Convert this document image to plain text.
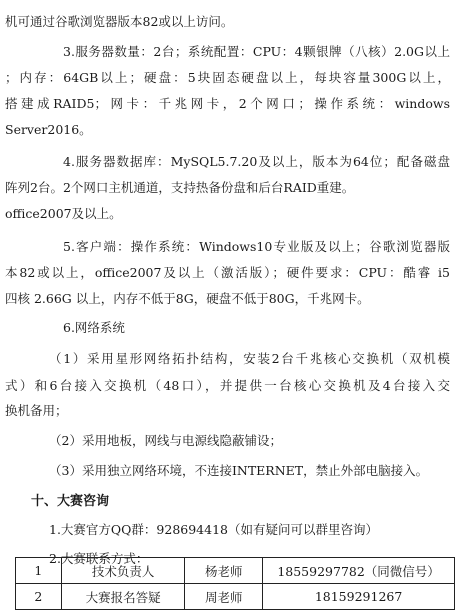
机可通过谷歌浏览器版本82或以上访问。
3.服务器数量：2台；系统配置：CPU：4颗银牌（八核）2.0G以上
；内存：64GB以上；硬盘：5块固态硬盘以上，每块容量300G以上，
搭建成RAID5；网卡：千兆网卡，2个网口；操作系统：windows
Server2016。
4.服务器数据库：MySQL5.7.20及以上，版本为64位；配备磁盘
阵列2台。2个网口主机通道，支持热备份盘和后台RAID重建。
office2007及以上。
5.客户端：操作系统：Windows10专业版及以上；谷歌浏览器版
本82或以上，office2007及以上（激活版）；硬件要求：CPU：酷睿 i5
四核 2.66G 以上，内存不低于8G，硬盘不低于80G，千兆网卡。
6.网络系统
（1）采用星形网络拓扑结构，安装2台千兆核心交换机（双机模
式）和6台接入交换机（48口），并提供一台核心交换机及4台接入交
换机备用；
（2）采用地板，网线与电源线隐蔽铺设；
（3）采用独立网络环境，不连接INTERNET，禁止外部电脑接入。
十、大赛咨询
1.大赛官方QQ群：928694418（如有疑问可以群里咨询）
2.大赛联系方式：
1	技术负责人	杨老师	18559297782（同微信号）
2	大赛报名答疑	周老师	18159291267
